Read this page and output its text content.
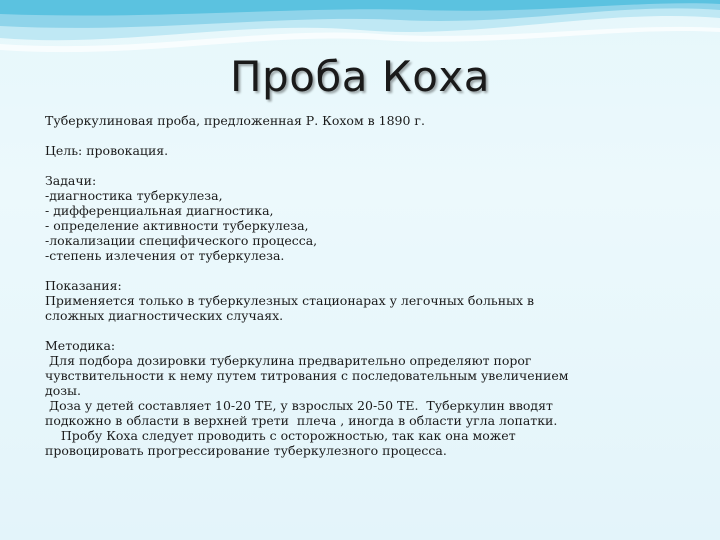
Проба Коха

Туберкулиновая проба, предложенная Р. Кохом в 1890 г.

Цель: провокация.

Задачи:
-диагностика туберкулеза,
- дифференциальная диагностика,
- определение активности туберкулеза,
-локализации специфического процесса,
-степень излечения от туберкулеза.
Показания:
Применяется только в туберкулезных стационарах у легочных больных в
сложных диагностических случаях.
Методика:
Для подбора дозировки туберкулина предварительно определяют порог
чувствительности к нему путем титрования с последовательным увеличением
дозы.
Доза у детей составляет 10-20 ТЕ, у взрослых 20-50 ТЕ.  Туберкулин вводят
подкожно в области в верхней трети  плеча , иногда в области угла лопатки.
Пробу Коха следует проводить с осторожностью, так как она может
провоцировать прогрессирование туберкулезного процесса.
